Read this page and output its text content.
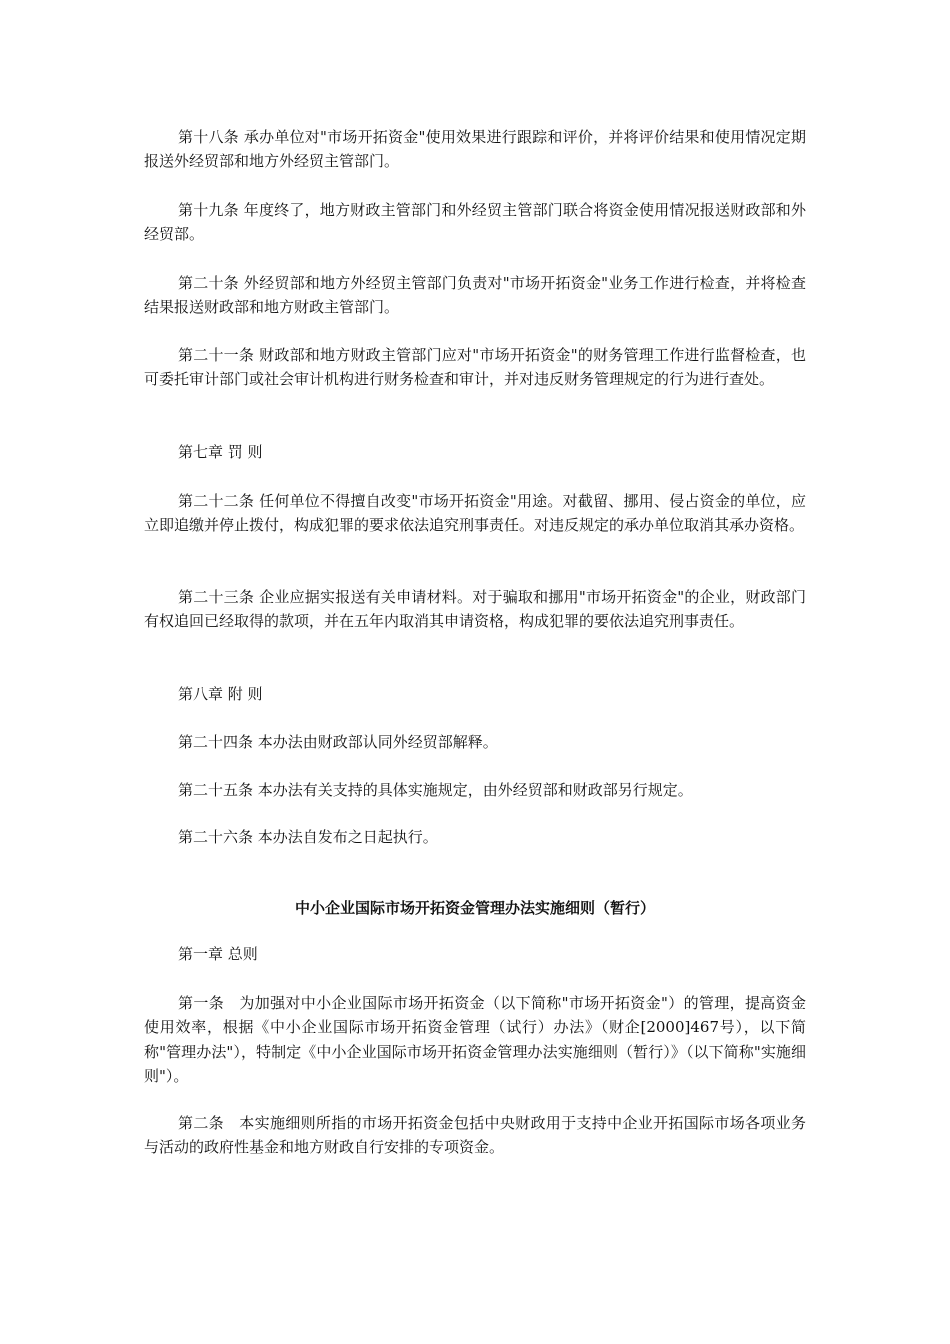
第十八条 承办单位对"市场开拓资金"使用效果进行跟踪和评价，并将评价结果和使用情况定期报送外经贸部和地方外经贸主管部门。

第十九条 年度终了，地方财政主管部门和外经贸主管部门联合将资金使用情况报送财政部和外经贸部。

第二十条 外经贸部和地方外经贸主管部门负责对"市场开拓资金"业务工作进行检查，并将检查结果报送财政部和地方财政主管部门。

第二十一条 财政部和地方财政主管部门应对"市场开拓资金"的财务管理工作进行监督检查，也可委托审计部门或社会审计机构进行财务检查和审计，并对违反财务管理规定的行为进行查处。

第七章 罚 则

第二十二条 任何单位不得擅自改变"市场开拓资金"用途。对截留、挪用、侵占资金的单位，应立即追缴并停止拨付，构成犯罪的要求依法追究刑事责任。对违反规定的承办单位取消其承办资格。

第二十三条 企业应据实报送有关申请材料。对于骗取和挪用"市场开拓资金"的企业，财政部门有权追回已经取得的款项，并在五年内取消其申请资格，构成犯罪的要依法追究刑事责任。

第八章 附 则

第二十四条 本办法由财政部认同外经贸部解释。

第二十五条 本办法有关支持的具体实施规定，由外经贸部和财政部另行规定。

第二十六条 本办法自发布之日起执行。

中小企业国际市场开拓资金管理办法实施细则（暂行）

第一章 总则

第一条　为加强对中小企业国际市场开拓资金（以下简称"市场开拓资金"）的管理，提高资金使用效率，根据《中小企业国际市场开拓资金管理（试行）办法》（财企[2000]467号），以下简称"管理办法"），特制定《中小企业国际市场开拓资金管理办法实施细则（暂行）》（以下简称"实施细则"）。

第二条　本实施细则所指的市场开拓资金包括中央财政用于支持中企业开拓国际市场各项业务与活动的政府性基金和地方财政自行安排的专项资金。
